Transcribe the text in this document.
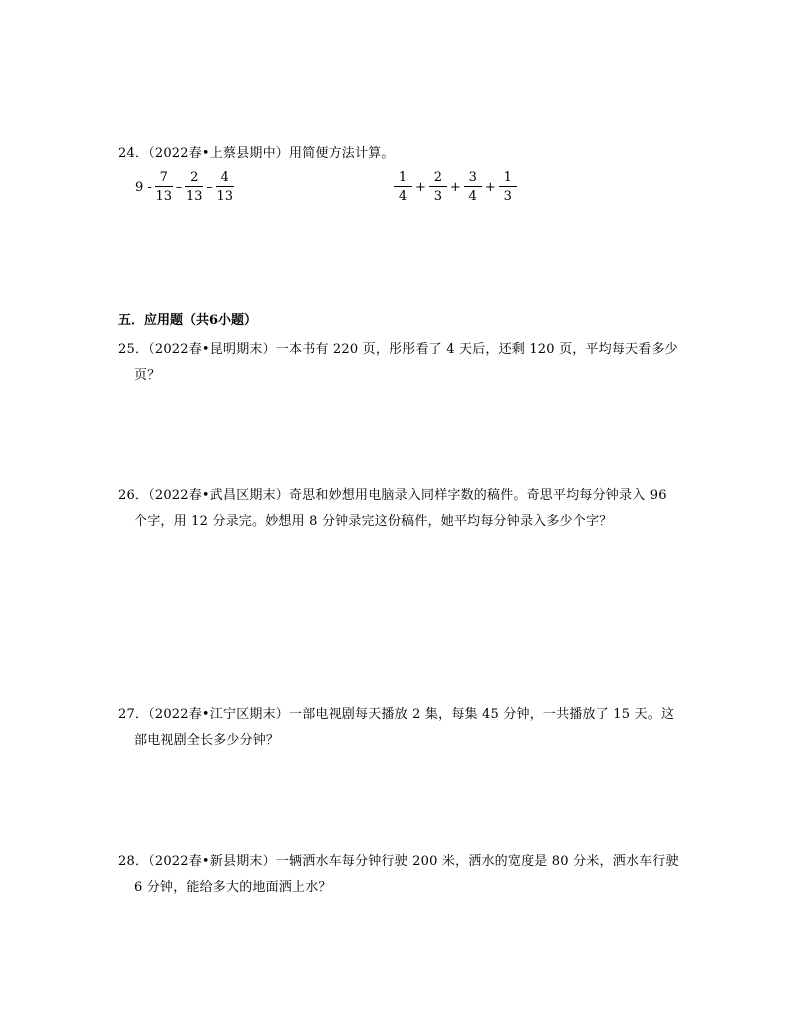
24．（2022春•上蔡县期中）用简便方法计算。
$9 - \frac{7}{13} - \frac{2}{13} - \frac{4}{13}$	$\frac{1}{4} + \frac{2}{3} + \frac{3}{4} + \frac{1}{3}$
五．应用题（共6小题）
25．（2022春•昆明期末）一本书有 220 页，彤彤看了 4 天后，还剩 120 页，平均每天看多少
页？
26．（2022春•武昌区期末）奇思和妙想用电脑录入同样字数的稿件。奇思平均每分钟录入 96
个字，用 12 分录完。妙想用 8 分钟录完这份稿件，她平均每分钟录入多少个字？
27．（2022春•江宁区期末）一部电视剧每天播放 2 集，每集 45 分钟，一共播放了 15 天。这
部电视剧全长多少分钟？
28．（2022春•新县期末）一辆洒水车每分钟行驶 200 米，洒水的宽度是 80 分米，洒水车行驶
6 分钟，能给多大的地面洒上水？
